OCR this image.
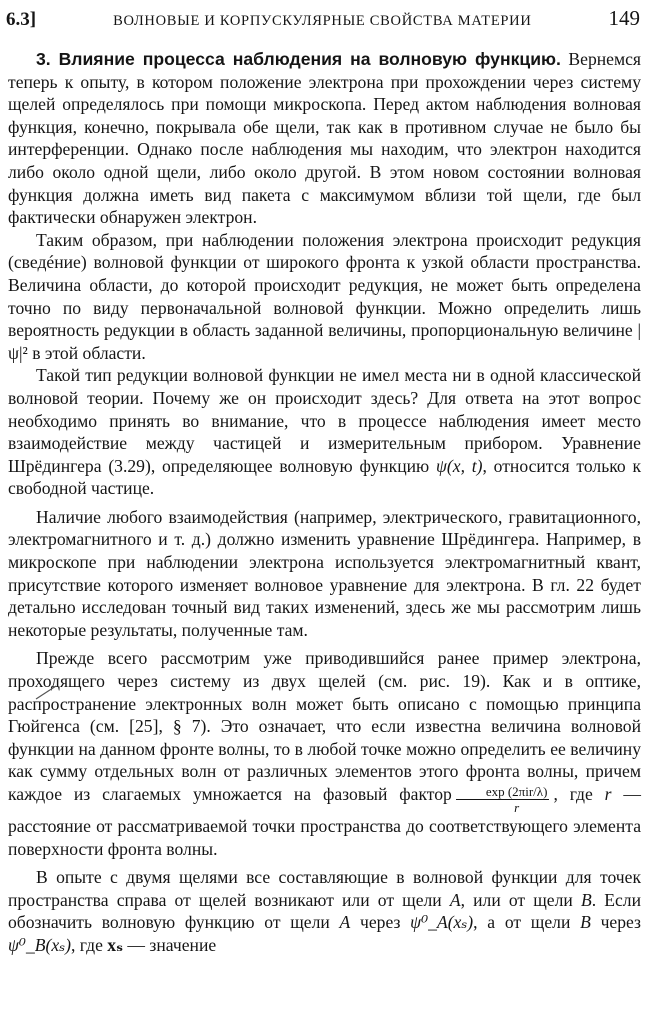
6.3]	ВОЛНОВЫЕ И КОРПУСКУЛЯРНЫЕ СВОЙСТВА МАТЕРИИ	149

3. Влияние процесса наблюдения на волновую функцию. Вернемся теперь к опыту, в котором положение электрона при прохождении через систему щелей определялось при помощи микроскопа. Перед актом наблюдения волновая функция, конечно, покрывала обе щели, так как в противном случае не было бы интерференции. Однако после наблюдения мы находим, что электрон находится либо около одной щели, либо около другой. В этом новом состоянии волновая функция должна иметь вид пакета с максимумом вблизи той щели, где был фактически обнаружен электрон.

Таким образом, при наблюдении положения электрона происходит редукция (сведéние) волновой функции от широкого фронта к узкой области пространства. Величина области, до которой происходит редукция, не может быть определена точно по виду первоначальной волновой функции. Можно определить лишь вероятность редукции в область заданной величины, пропорциональную величине |ψ|² в этой области.

Такой тип редукции волновой функции не имел места ни в одной классической волновой теории. Почему же он происходит здесь? Для ответа на этот вопрос необходимо принять во внимание, что в процессе наблюдения имеет место взаимодействие между частицей и измерительным прибором. Уравнение Шрёдингера (3.29), определяющее волновую функцию ψ(x, t), относится только к свободной частице.

Наличие любого взаимодействия (например, электрического, гравитационного, электромагнитного и т. д.) должно изменить уравнение Шрёдингера. Например, в микроскопе при наблюдении электрона используется электромагнитный квант, присутствие которого изменяет волновое уравнение для электрона. В гл. 22 будет детально исследован точный вид таких изменений, здесь же мы рассмотрим лишь некоторые результаты, полученные там.

Прежде всего рассмотрим уже приводившийся ранее пример электрона, проходящего через систему из двух щелей (см. рис. 19). Как и в оптике, распространение электронных волн может быть описано с помощью принципа Гюйгенса (см. [25], § 7). Это означает, что если известна величина волновой функции на данном фронте волны, то в любой точке можно определить ее величину как сумму отдельных волн от различных элементов этого фронта волны, причем каждое из слагаемых умножается на фазовый фактор $\frac{\text{exp (2πir/λ)}}{r}$ , где r — расстояние от рассматриваемой точки пространства до соответствующего элемента поверхности фронта волны.

В опыте с двумя щелями все составляющие в волновой функции для точек пространства справа от щелей возникают или от щели A, или от щели B. Если обозначить волновую функцию от щели A через ψ⁰_A(xₛ), а от щели B через ψ⁰_B(xₛ), где xₛ — значение
